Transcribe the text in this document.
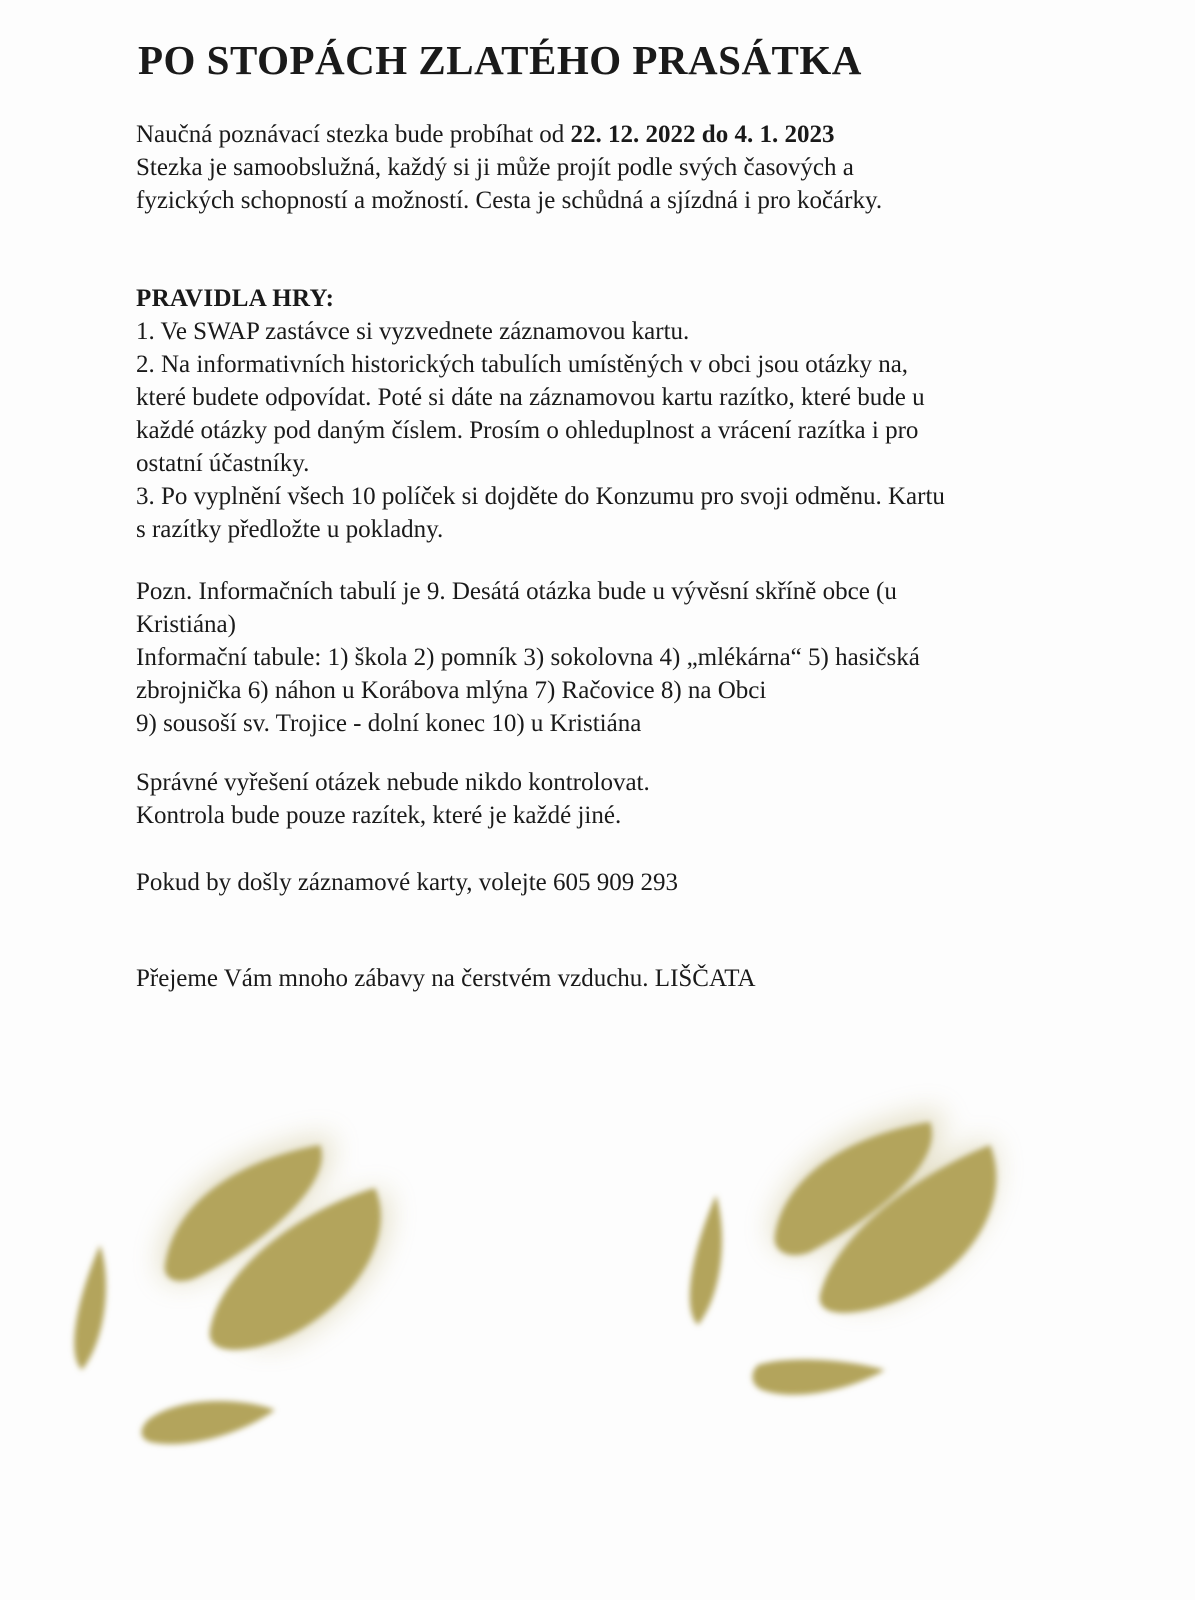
PO STOPÁCH ZLATÉHO PRASÁTKA
Naučná poznávací stezka bude probíhat od 22. 12. 2022 do 4. 1. 2023
Stezka je samoobslužná, každý si ji může projít podle svých časových a
fyzických schopností a možností. Cesta je schůdná a sjízdná i pro kočárky.
PRAVIDLA HRY:
1. Ve SWAP zastávce si vyzvednete záznamovou kartu.
2. Na informativních historických tabulích umístěných v obci jsou otázky na,
které budete odpovídat. Poté si dáte na záznamovou kartu razítko, které bude u
každé otázky pod daným číslem. Prosím o ohleduplnost a vrácení razítka i pro
ostatní účastníky.
3. Po vyplnění všech 10 políček si dojděte do Konzumu pro svoji odměnu. Kartu
s razítky předložte u pokladny.
Pozn. Informačních tabulí je 9. Desátá otázka bude u vývěsní skříně obce (u
Kristiána)
Informační tabule: 1) škola 2) pomník 3) sokolovna 4) „mlékárna“ 5) hasičská
zbrojnička 6) náhon u Korábova mlýna 7) Račovice 8) na Obci
9) sousoší sv. Trojice - dolní konec 10) u Kristiána
Správné vyřešení otázek nebude nikdo kontrolovat.
Kontrola bude pouze razítek, které je každé jiné.
Pokud by došly záznamové karty, volejte 605 909 293
Přejeme Vám mnoho zábavy na čerstvém vzduchu. LIŠČATA
